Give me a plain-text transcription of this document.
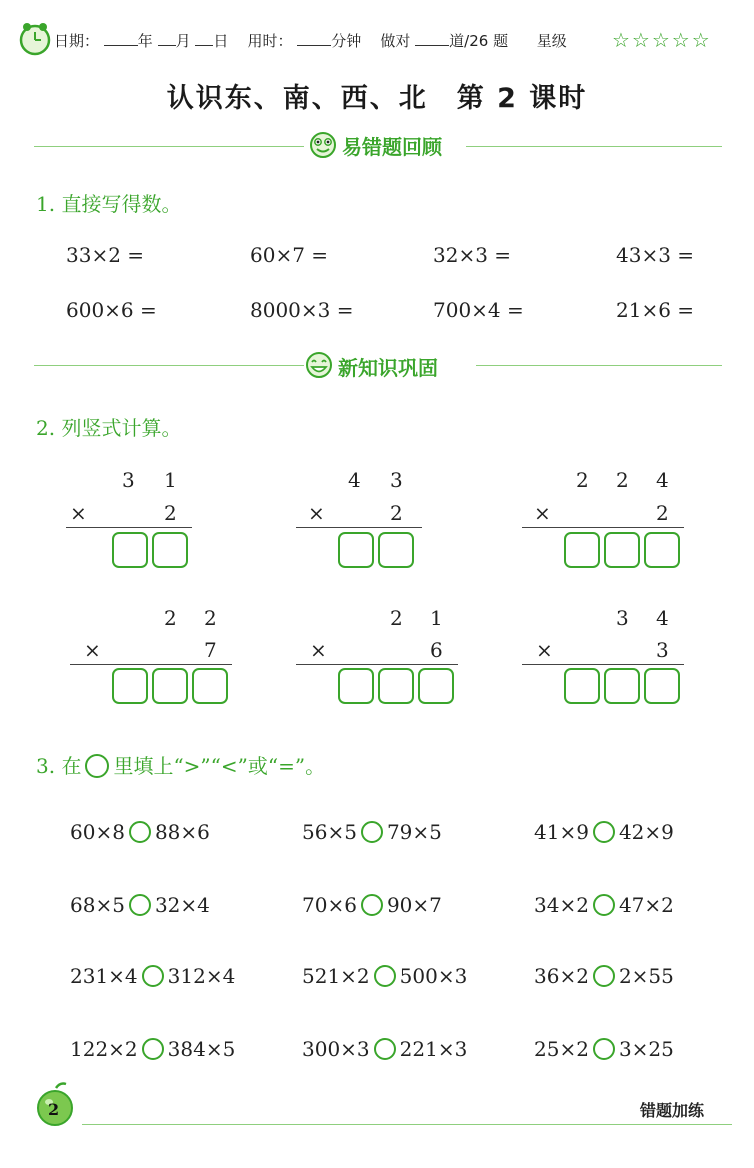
日期：	年 月 日 用时：	分钟 做对	道/26 题 星级 ☆☆☆☆☆
认识东、南、西、北　第 2 课时
易错题回顾
1. 直接写得数。
33×2 =	60×7 =	32×3 =	43×3 =
600×6 =	8000×3 =	700×4 =	21×6 =
新知识巩固
2. 列竖式计算。
3 1
×	2
4 3
×	2
2 2 4
×	2
2 2
×	7
2 1
×	6
3 4
×	3
3. 在 里填上“>”“<”或“=”。
60×8 88×6	56×5 79×5	41×9 42×9
68×5 32×4	70×6 90×7	34×2 47×2
231×4 312×4	521×2 500×3	36×2 2×55
122×2 384×5	300×3 221×3	25×2 3×25
2	错题加练
